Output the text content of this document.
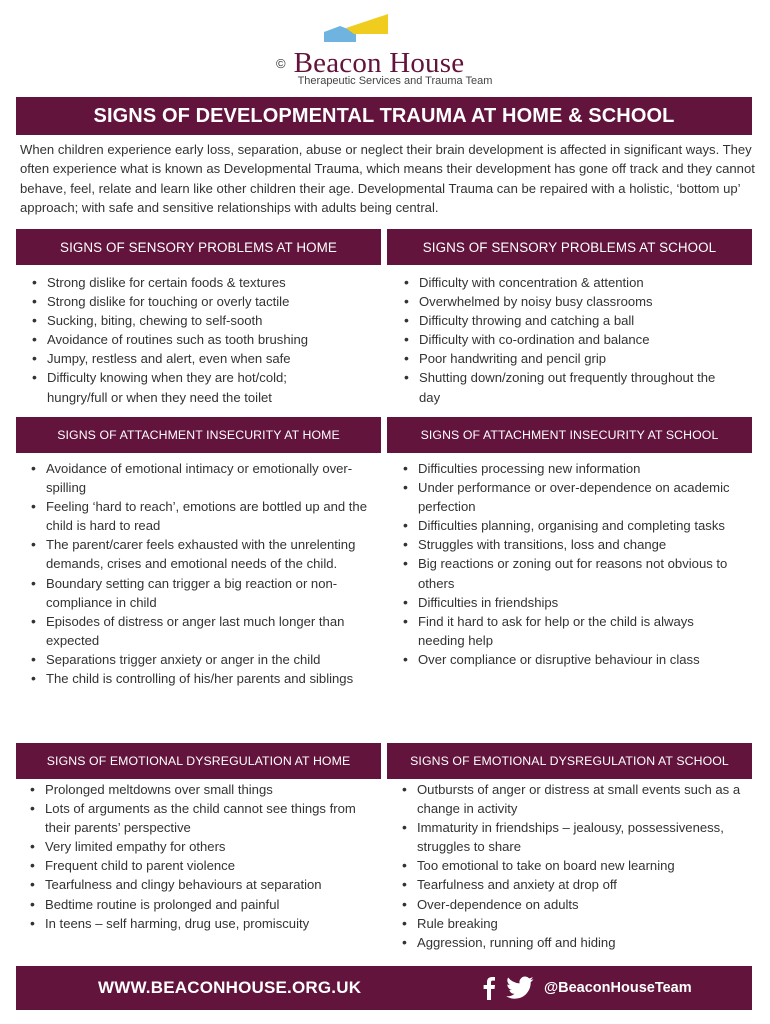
© Beacon House
Therapeutic Services and Trauma Team
SIGNS OF DEVELOPMENTAL TRAUMA AT HOME & SCHOOL
When children experience early loss, separation, abuse or neglect their brain development is affected in significant ways. They often experience what is known as Developmental Trauma, which means their development has gone off track and they cannot behave, feel, relate and learn like other children their age. Developmental Trauma can be repaired with a holistic, ‘bottom up’ approach; with safe and sensitive relationships with adults being central.
SIGNS OF SENSORY PROBLEMS AT HOME	SIGNS OF SENSORY PROBLEMS AT SCHOOL
• Strong dislike for certain foods & textures
• Strong dislike for touching or overly tactile
• Sucking, biting, chewing to self-sooth
• Avoidance of routines such as tooth brushing
• Jumpy, restless and alert, even when safe
• Difficulty knowing when they are hot/cold; hungry/full or when they need the toilet
• Difficulty with concentration & attention
• Overwhelmed by noisy busy classrooms
• Difficulty throwing and catching a ball
• Difficulty with co-ordination and balance
• Poor handwriting and pencil grip
• Shutting down/zoning out frequently throughout the day
SIGNS OF ATTACHMENT INSECURITY AT HOME	SIGNS OF ATTACHMENT INSECURITY AT SCHOOL
• Avoidance of emotional intimacy or emotionally over-spilling
• Feeling ‘hard to reach’, emotions are bottled up and the child is hard to read
• The parent/carer feels exhausted with the unrelenting demands, crises and emotional needs of the child.
• Boundary setting can trigger a big reaction or non-compliance in child
• Episodes of distress or anger last much longer than expected
• Separations trigger anxiety or anger in the child
• The child is controlling of his/her parents and siblings
• Difficulties processing new information
• Under performance or over-dependence on academic perfection
• Difficulties planning, organising and completing tasks
• Struggles with transitions, loss and change
• Big reactions or zoning out for reasons not obvious to others
• Difficulties in friendships
• Find it hard to ask for help or the child is always needing help
• Over compliance or disruptive behaviour in class
SIGNS OF EMOTIONAL DYSREGULATION AT HOME	SIGNS OF EMOTIONAL DYSREGULATION AT SCHOOL
• Prolonged meltdowns over small things
• Lots of arguments as the child cannot see things from their parents’ perspective
• Very limited empathy for others
• Frequent child to parent violence
• Tearfulness and clingy behaviours at separation
• Bedtime routine is prolonged and painful
• In teens – self harming, drug use, promiscuity
• Outbursts of anger or distress at small events such as a change in activity
• Immaturity in friendships – jealousy, possessiveness, struggles to share
• Too emotional to take on board new learning
• Tearfulness and anxiety at drop off
• Over-dependence on adults
• Rule breaking
• Aggression, running off and hiding
WWW.BEACONHOUSE.ORG.UK	@BeaconHouseTeam
